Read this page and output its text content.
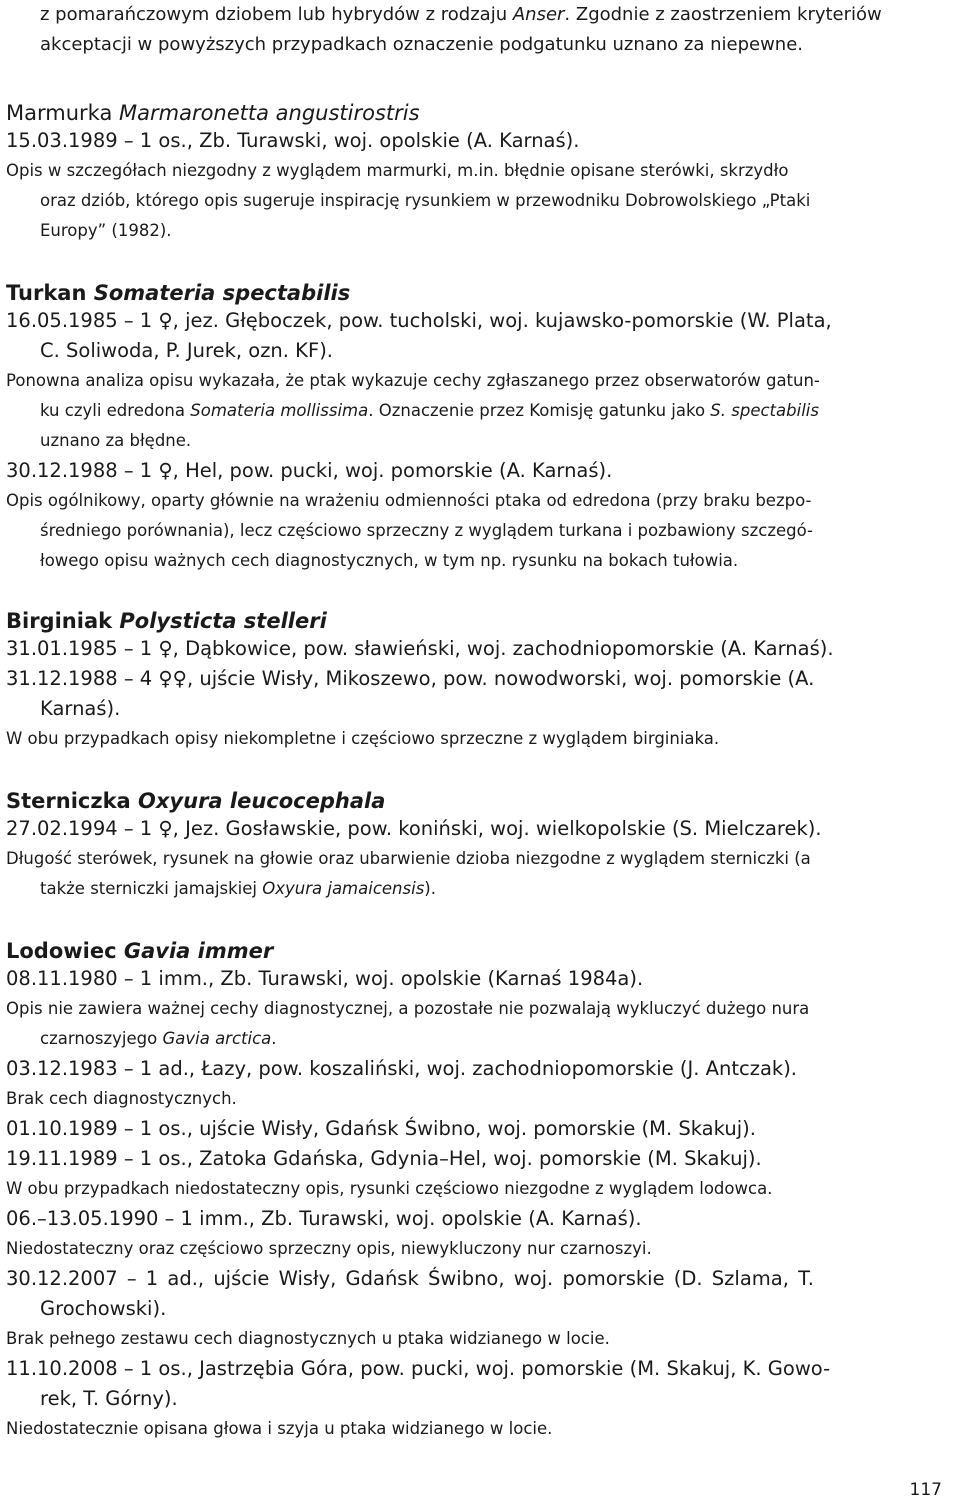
z pomarańczowym dziobem lub hybrydów z rodzaju Anser. Zgodnie z zaostrzeniem kryteriów
akceptacji w powyższych przypadkach oznaczenie podgatunku uznano za niepewne.
Marmurka Marmaronetta angustirostris
15.03.1989 – 1 os., Zb. Turawski, woj. opolskie (A. Karnaś).
Opis w szczegółach niezgodny z wyglądem marmurki, m.in. błędnie opisane sterówki, skrzydło
oraz dziób, którego opis sugeruje inspirację rysunkiem w przewodniku Dobrowolskiego „Ptaki
Europy” (1982).
Turkan Somateria spectabilis
16.05.1985 – 1 ♀, jez. Głęboczek, pow. tucholski, woj. kujawsko-pomorskie (W. Plata,
C. Soliwoda, P. Jurek, ozn. KF).
Ponowna analiza opisu wykazała, że ptak wykazuje cechy zgłaszanego przez obserwatorów gatun-
ku czyli edredona Somateria mollissima. Oznaczenie przez Komisję gatunku jako S. spectabilis
uznano za błędne.
30.12.1988 – 1 ♀, Hel, pow. pucki, woj. pomorskie (A. Karnaś).
Opis ogólnikowy, oparty głównie na wrażeniu odmienności ptaka od edredona (przy braku bezpo-
średniego porównania), lecz częściowo sprzeczny z wyglądem turkana i pozbawiony szczegó-
łowego opisu ważnych cech diagnostycznych, w tym np. rysunku na bokach tułowia.
Birginiak Polysticta stelleri
31.01.1985 – 1 ♀, Dąbkowice, pow. sławieński, woj. zachodniopomorskie (A. Karnaś).
31.12.1988 – 4 ♀♀, ujście Wisły, Mikoszewo, pow. nowodworski, woj. pomorskie (A.
Karnaś).
W obu przypadkach opisy niekompletne i częściowo sprzeczne z wyglądem birginiaka.
Sterniczka Oxyura leucocephala
27.02.1994 – 1 ♀, Jez. Gosławskie, pow. koniński, woj. wielkopolskie (S. Mielczarek).
Długość sterówek, rysunek na głowie oraz ubarwienie dzioba niezgodne z wyglądem sterniczki (a
także sterniczki jamajskiej Oxyura jamaicensis).
Lodowiec Gavia immer
08.11.1980 – 1 imm., Zb. Turawski, woj. opolskie (Karnaś 1984a).
Opis nie zawiera ważnej cechy diagnostycznej, a pozostałe nie pozwalają wykluczyć dużego nura
czarnoszyjego Gavia arctica.
03.12.1983 – 1 ad., Łazy, pow. koszaliński, woj. zachodniopomorskie (J. Antczak).
Brak cech diagnostycznych.
01.10.1989 – 1 os., ujście Wisły, Gdańsk Świbno, woj. pomorskie (M. Skakuj).
19.11.1989 – 1 os., Zatoka Gdańska, Gdynia–Hel, woj. pomorskie (M. Skakuj).
W obu przypadkach niedostateczny opis, rysunki częściowo niezgodne z wyglądem lodowca.
06.–13.05.1990 – 1 imm., Zb. Turawski, woj. opolskie (A. Karnaś).
Niedostateczny oraz częściowo sprzeczny opis, niewykluczony nur czarnoszyi.
30.12.2007 – 1 ad., ujście Wisły, Gdańsk Świbno, woj. pomorskie (D. Szlama, T.
Grochowski).
Brak pełnego zestawu cech diagnostycznych u ptaka widzianego w locie.
11.10.2008 – 1 os., Jastrzębia Góra, pow. pucki, woj. pomorskie (M. Skakuj, K. Gowo-
rek, T. Górny).
Niedostatecznie opisana głowa i szyja u ptaka widzianego w locie.
117
